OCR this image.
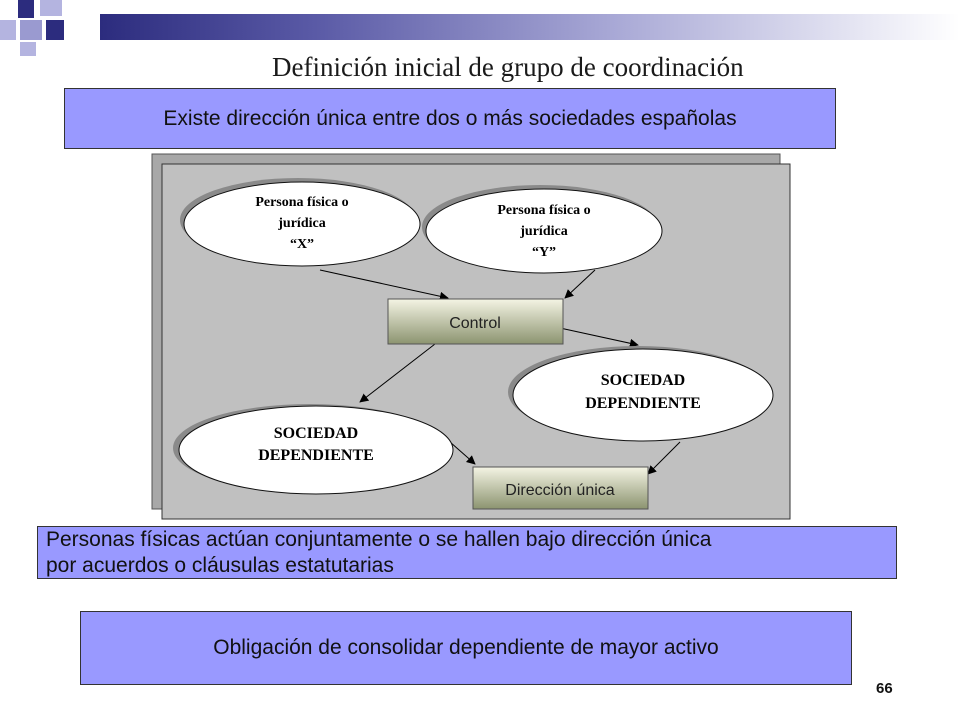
Definición inicial de grupo de coordinación
Existe dirección única entre dos o más sociedades españolas
Persona física o
jurídica
“X”
Persona física o
jurídica
“Y”
Control
SOCIEDAD
DEPENDIENTE
SOCIEDAD
DEPENDIENTE
Dirección única
Personas físicas actúan conjuntamente o se hallen bajo dirección única
por acuerdos o cláusulas estatutarias
Obligación de consolidar dependiente de mayor activo
66
